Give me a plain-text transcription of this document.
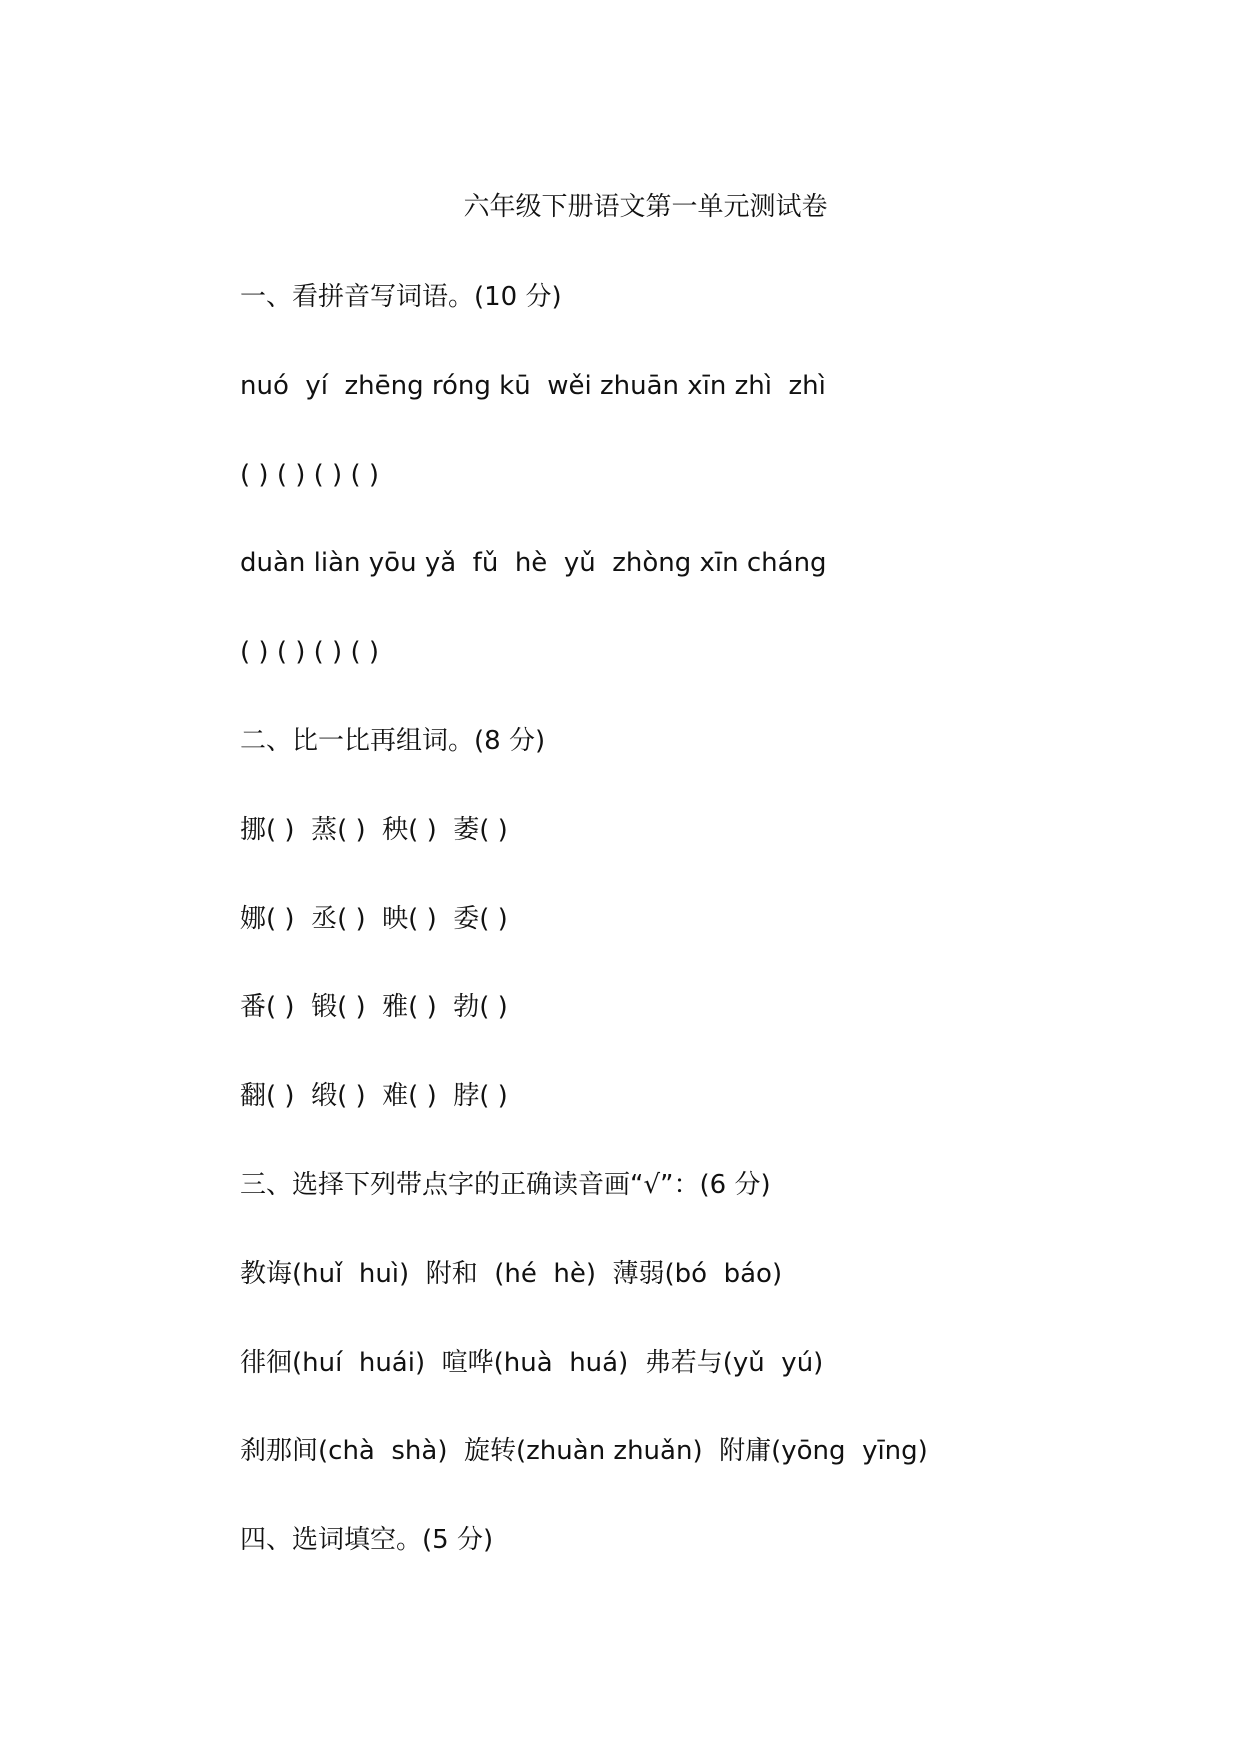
六年级下册语文第一单元测试卷
一、看拼音写词语。(10 分)
nuó  yí  zhēng róng kū  wěi zhuān xīn zhì  zhì
( ) ( ) ( ) ( )
duàn liàn yōu yǎ  fǔ  hè  yǔ  zhòng xīn cháng
( ) ( ) ( ) ( )
二、比一比再组词。(8 分)
挪( )  蒸( )  秧( )  萎( )
娜( )  丞( )  映( )  委( )
番( )  锻( )  雅( )  勃( )
翻( )  缎( )  难( )  脖( )
三、选择下列带点字的正确读音画“√”：(6 分)
教诲(huǐ  huì)  附和  (hé  hè)  薄弱(bó  báo)
徘徊(huí  huái)  喧哗(huà  huá)  弗若与(yǔ  yú)
刹那间(chà  shà)  旋转(zhuàn zhuǎn)  附庸(yōng  yīng)
四、选词填空。(5 分)
